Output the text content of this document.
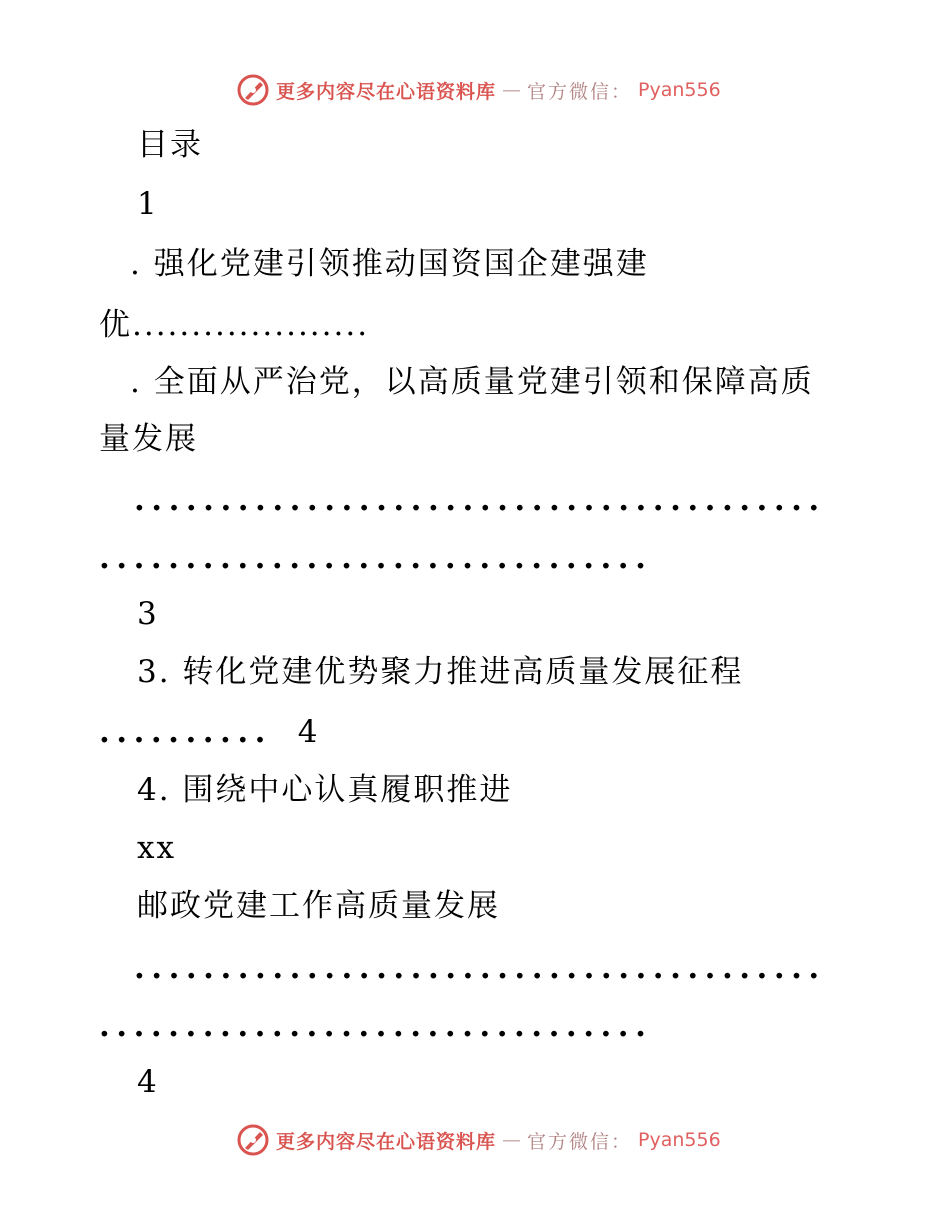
更多内容尽在心语资料库 — 官方微信： Pyan556
目录
1
. 强化党建引领推动国资国企建强建
优....................
. 全面从严治党，以高质量党建引领和保障高质
量发展
........................................
................................
3
3. 转化党建优势聚力推进高质量发展征程
.......... 4
4. 围绕中心认真履职推进
xx
邮政党建工作高质量发展
........................................
................................
4
更多内容尽在心语资料库 — 官方微信： Pyan556
